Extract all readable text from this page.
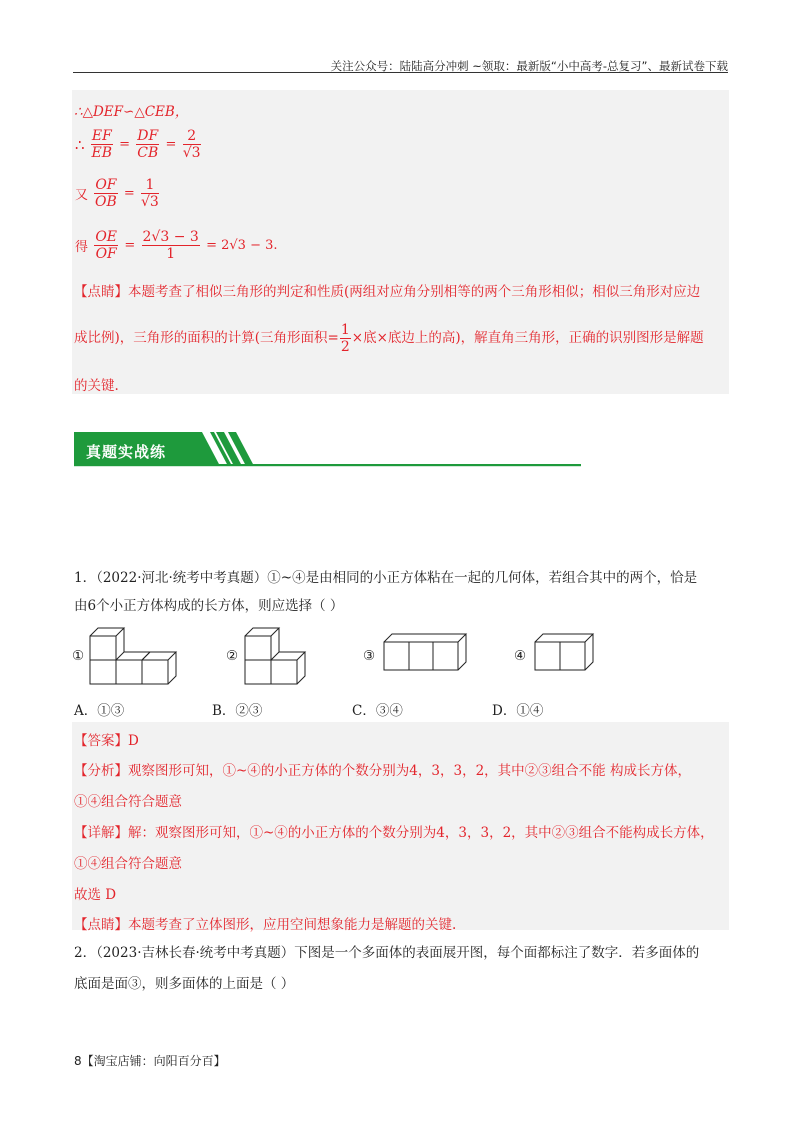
关注公众号：陆陆高分冲刺 ~领取：最新版“小中高考-总复习”、最新试卷下载
∴△DEF∽△CEB，
∴ $\frac{EF}{EB} = \frac{DF}{CB} = \frac{2}{√3}$
又 $\frac{OF}{OB} = \frac{1}{√3}$
得 $\frac{OE}{OF} = \frac{2√3 - 3}{1} = 2√3 - 3$.
【点睛】本题考查了相似三角形的判定和性质(两组对应角分别相等的两个三角形相似；相似三角形对应边
成比例)，三角形的面积的计算(三角形面积= $\frac{1}{2}$ ×底×底边上的高)，解直角三角形，正确的识别图形是解题
的关键.
真题实战练
1．（2022·河北·统考中考真题）①~④是由相同的小正方体粘在一起的几何体，若组合其中的两个，恰是
由6个小正方体构成的长方体，则应选择（ ）
①	②	③	④
A．①③	B．②③	C．③④	D．①④
【答案】D
【分析】观察图形可知，①~④的小正方体的个数分别为4，3，3，2，其中②③组合不能 构成长方体，
①④组合符合题意
【详解】解：观察图形可知，①~④的小正方体的个数分别为4，3，3，2，其中②③组合不能构成长方体，
①④组合符合题意
故选 D
【点睛】本题考查了立体图形，应用空间想象能力是解题的关键.
2．（2023·吉林长春·统考中考真题）下图是一个多面体的表面展开图，每个面都标注了数字．若多面体的
底面是面③，则多面体的上面是（ ）
8【淘宝店铺：向阳百分百】
